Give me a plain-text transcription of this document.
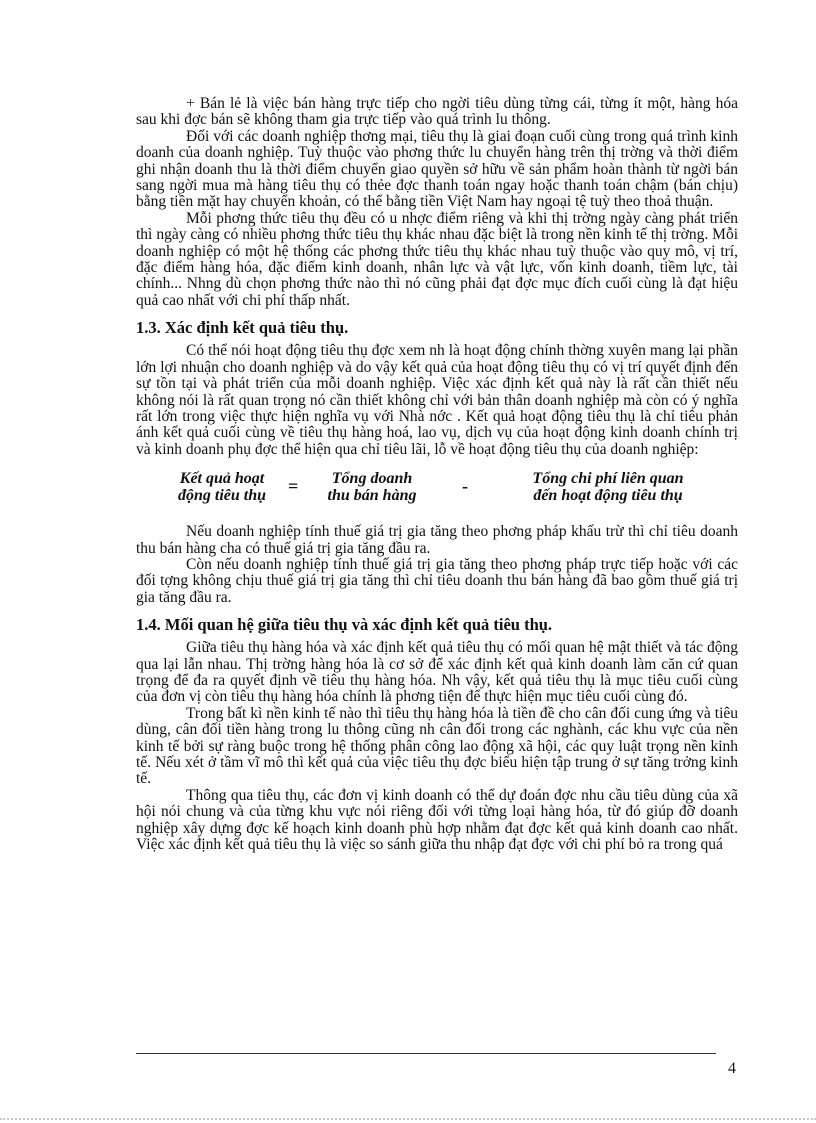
+ Bán lẻ là việc bán hàng trực tiếp cho ngời tiêu dùng từng cái, từng ít một, hàng hóa sau khi đợc bán sẽ không tham gia trực tiếp vào quá trình lu thông.

Đối với các doanh nghiệp thơng mại, tiêu thụ là giai đoạn cuối cùng trong quá trình kinh doanh của doanh nghiệp. Tuỳ thuộc vào phơng thức lu chuyển hàng trên thị trờng và thời điểm ghi nhận doanh thu là thời điểm chuyển giao quyền sở hữu về sản phẩm hoàn thành từ ngời bán sang ngời mua mà hàng tiêu thụ có thẻe đợc thanh toán ngay hoặc thanh toán chậm (bán chịu) bằng tiền mặt hay chuyển khoản, có thể bằng tiền Việt Nam hay ngoại tệ tuỳ theo thoả thuận.

Mỗi phơng thức tiêu thụ đều có u nhợc điểm riêng và khi thị trờng ngày càng phát triển thì ngày càng có nhiều phơng thức tiêu thụ khác nhau đặc biệt là trong nền kinh tế thị trờng. Mỗi doanh nghiệp có một hệ thống các phơng thức tiêu thụ khác nhau tuỳ thuộc vào quy mô, vị trí, đặc điểm hàng hóa, đặc điểm kinh doanh, nhân lực và vật lực, vốn kinh doanh, tiềm lực, tài chính... Nhng dù chọn phơng thức nào thì nó cũng phải đạt đợc mục đích cuối cùng là đạt hiệu quả cao nhất với chi phí thấp nhất.

1.3. Xác định kết quả tiêu thụ.

Có thể nói hoạt động tiêu thụ đợc xem nh là hoạt động chính thờng xuyên mang lại phần lớn lợi nhuận cho doanh nghiệp và do vậy kết quả của hoạt động tiêu thụ có vị trí quyết định đến sự tồn tại và phát triển của mỗi doanh nghiệp. Việc xác định kết quả này là rất cần thiết nếu không nói là rất quan trọng nó cần thiết không chỉ với bản thân doanh nghiệp mà còn có ý nghĩa rất lớn trong việc thực hiện nghĩa vụ với Nhà nớc . Kết quả hoạt động tiêu thụ là chỉ tiêu phản ánh kết quả cuối cùng về tiêu thụ hàng hoá, lao vụ, dịch vụ của hoạt động kinh doanh chính trị và kinh doanh phụ đợc thể hiện qua chỉ tiêu lãi, lỗ về hoạt động tiêu thụ của doanh nghiệp:

Kết quả hoạt
động tiêu thụ	=	Tổng doanh
thu bán hàng	-	Tổng chi phí liên quan
đến hoạt động tiêu thụ

Nếu doanh nghiệp tính thuế giá trị gia tăng theo phơng pháp khấu trừ thì chỉ tiêu doanh thu bán hàng cha có thuế giá trị gia tăng đầu ra.

Còn nếu doanh nghiệp tính thuế giá trị gia tăng theo phơng pháp trực tiếp hoặc với các đối tợng không chịu thuế giá trị gia tăng thì chỉ tiêu doanh thu bán hàng đã bao gồm thuế giá trị gia tăng đầu ra.

1.4. Mối quan hệ giữa tiêu thụ và xác định kết quả tiêu thụ.

Giữa tiêu thụ hàng hóa và xác định kết quả tiêu thụ có mối quan hệ mật thiết và tác động qua lại lẫn nhau. Thị trờng hàng hóa là cơ sở để xác định kết quả kinh doanh làm căn cứ quan trọng để đa ra quyết định về tiêu thụ hàng hóa. Nh vậy, kết quả tiêu thụ là mục tiêu cuối cùng của đơn vị còn tiêu thụ hàng hóa chính là phơng tiện để thực hiện mục tiêu cuối cùng đó.

Trong bất kì nền kinh tế nào thì tiêu thụ hàng hóa là tiền đề cho cân đối cung ứng và tiêu dùng, cân đối tiền hàng trong lu thông cũng nh cân đối trong các nghành, các khu vực của nền kinh tế bởi sự ràng buộc trong hệ thống phân công lao động xã hội, các quy luật trọng nền kinh tế. Nếu xét ở tầm vĩ mô thì kết quả của việc tiêu thụ đợc biểu hiện tập trung ở sự tăng trởng kinh tế.

Thông qua tiêu thụ, các đơn vị kinh doanh có thể dự đoán đợc nhu cầu tiêu dùng của xã hội nói chung và của từng khu vực nói riêng đối với từng loại hàng hóa, từ đó giúp đỡ doanh nghiệp xây dựng đợc kế hoạch kinh doanh phù hợp nhằm đạt đợc kết quả kinh doanh cao nhất. Việc xác định kết quả tiêu thụ là việc so sánh giữa thu nhập đạt đợc với chi phí bỏ ra trong quá

4
